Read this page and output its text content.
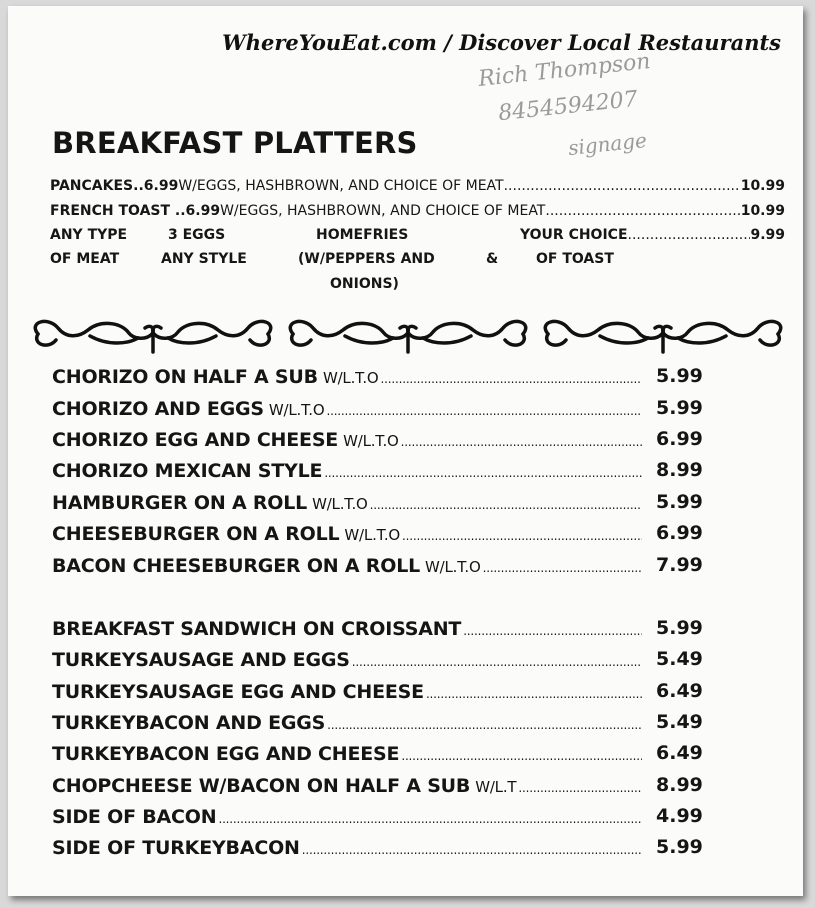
WhereYouEat.com / Discover Local Restaurants
Rich Thompson
8454594207
signage
BREAKFAST PLATTERS
PANCAKES..6.99 W/EGGS, HASHBROWN, AND CHOICE OF MEAT .....	10.99
FRENCH TOAST ..6.99 W/EGGS, HASHBROWN, AND CHOICE OF MEAT .....	10.99
ANY TYPE	3 EGGS	HOMEFRIES	YOUR CHOICE .....	9.99
OF MEAT	ANY STYLE	(W/PEPPERS AND	&	OF TOAST
ONIONS)
CHORIZO ON HALF A SUB W/L.T.O .....	5.99
CHORIZO AND EGGS W/L.T.O .....	5.99
CHORIZO EGG AND CHEESE W/L.T.O .....	6.99
CHORIZO MEXICAN STYLE .....	8.99
HAMBURGER ON A ROLL W/L.T.O .....	5.99
CHEESEBURGER ON A ROLL W/L.T.O .....	6.99
BACON CHEESEBURGER ON A ROLL W/L.T.O .....	7.99
BREAKFAST SANDWICH ON CROISSANT .....	5.99
TURKEYSAUSAGE AND EGGS .....	5.49
TURKEYSAUSAGE EGG AND CHEESE .....	6.49
TURKEYBACON AND EGGS .....	5.49
TURKEYBACON EGG AND CHEESE .....	6.49
CHOPCHEESE W/BACON ON HALF A SUB W/L.T .....	8.99
SIDE OF BACON .....	4.99
SIDE OF TURKEYBACON .....	5.99
